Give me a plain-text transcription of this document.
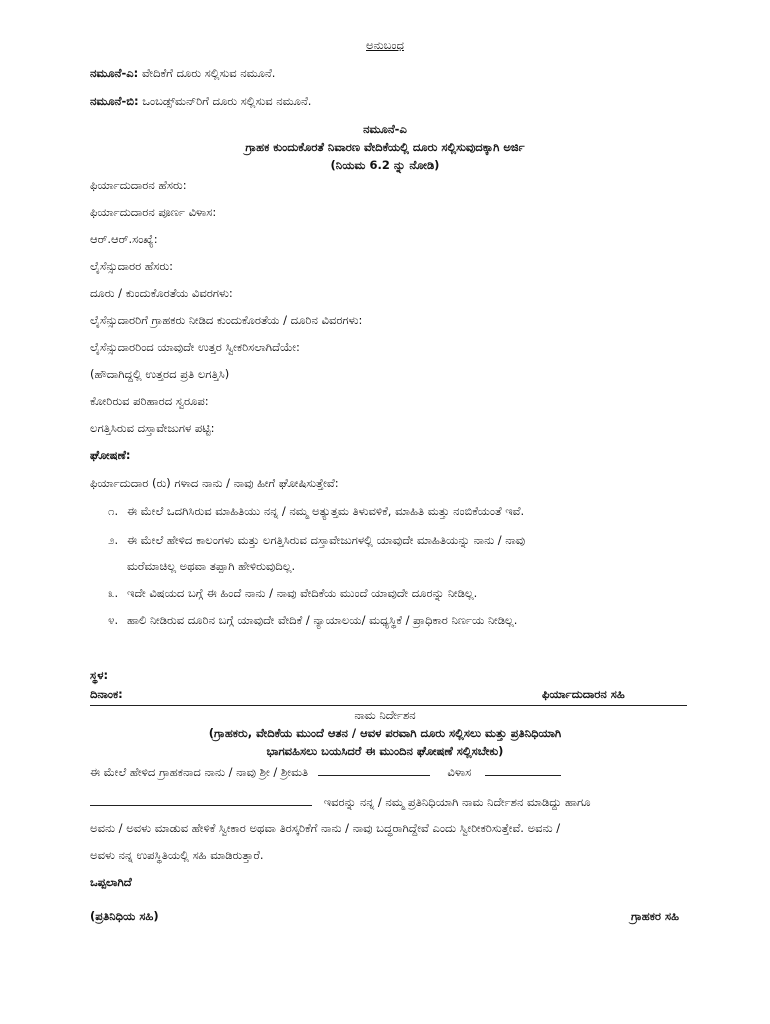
ಅನುಬಂಧ
ನಮೂನೆ-ಎ: ವೇದಿಕೆಗೆ ದೂರು ಸಲ್ಲಿಸುವ ನಮೂನೆ.
ನಮೂನೆ-ಬಿ: ಒಂಬಡ್ಸ್‌ಮನ್‌ರಿಗೆ ದೂರು ಸಲ್ಲಿಸುವ ನಮೂನೆ.
ನಮೂನೆ-ಎ
ಗ್ರಾಹಕ ಕುಂದುಕೊರತೆ ನಿವಾರಣ ವೇದಿಕೆಯಲ್ಲಿ ದೂರು ಸಲ್ಲಿಸುವುದಕ್ಕಾಗಿ ಅರ್ಜಿ
(ನಿಯಮ 6.2 ನ್ನು ನೋಡಿ)
ಫಿರ್ಯಾದುದಾರನ ಹೆಸರು:
ಫಿರ್ಯಾದುದಾರನ ಪೂರ್ಣ ವಿಳಾಸ:
ಆರ್.ಆರ್.ಸಂಖ್ಯೆ:
ಲೈಸೆನ್ಸುದಾರರ ಹೆಸರು:
ದೂರು / ಕುಂದುಕೊರತೆಯ ವಿವರಗಳು:
ಲೈಸೆನ್ಸುದಾರರಿಗೆ ಗ್ರಾಹಕರು ನೀಡಿದ ಕುಂದುಕೊರತೆಯ / ದೂರಿನ ವಿವರಗಳು:
ಲೈಸೆನ್ಸುದಾರರಿಂದ ಯಾವುದೇ ಉತ್ತರ ಸ್ವೀಕರಿಸಲಾಗಿದೆಯೇ:
(ಹೌದಾಗಿದ್ದಲ್ಲಿ ಉತ್ತರದ ಪ್ರತಿ ಲಗತ್ತಿಸಿ)
ಕೋರಿರುವ ಪರಿಹಾರದ ಸ್ವರೂಪ:
ಲಗತ್ತಿಸಿರುವ ದಸ್ತಾವೇಜುಗಳ ಪಟ್ಟಿ:
ಘೋಷಣೆ:
ಫಿರ್ಯಾದುದಾರ (ರು) ಗಳಾದ ನಾನು / ನಾವು ಹೀಗೆ ಘೋಷಿಸುತ್ತೇವೆ:
೧. ಈ ಮೇಲೆ ಒದಗಿಸಿರುವ ಮಾಹಿತಿಯು ನನ್ನ / ನಮ್ಮ ಅತ್ಯುತ್ತಮ ತಿಳುವಳಿಕೆ, ಮಾಹಿತಿ ಮತ್ತು ನಂಬಿಕೆಯಂತೆ ಇವೆ.
೨. ಈ ಮೇಲೆ ಹೇಳಿದ ಕಾಲಂಗಳು ಮತ್ತು ಲಗತ್ತಿಸಿರುವ ದಸ್ತಾವೇಜುಗಳಲ್ಲಿ ಯಾವುದೇ ಮಾಹಿತಿಯನ್ನು ನಾನು / ನಾವು
ಮರೆಮಾಚಿಲ್ಲ ಅಥವಾ ತಪ್ಪಾಗಿ ಹೇಳಿರುವುದಿಲ್ಲ.
೩. ಇದೇ ವಿಷಯದ ಬಗ್ಗೆ ಈ ಹಿಂದೆ ನಾನು / ನಾವು ವೇದಿಕೆಯ ಮುಂದೆ ಯಾವುದೇ ದೂರನ್ನು ನೀಡಿಲ್ಲ.
೪. ಹಾಲಿ ನೀಡಿರುವ ದೂರಿನ ಬಗ್ಗೆ ಯಾವುದೇ ವೇದಿಕೆ / ನ್ಯಾಯಾಲಯ/ ಮಧ್ಯಸ್ಥಿಕೆ / ಪ್ರಾಧಿಕಾರ ನಿರ್ಣಯ ನೀಡಿಲ್ಲ.
ಸ್ಥಳ:
ದಿನಾಂಕ:	ಫಿರ್ಯಾದುದಾರನ ಸಹಿ
ನಾಮ ನಿರ್ದೇಶನ
(ಗ್ರಾಹಕರು, ವೇದಿಕೆಯ ಮುಂದೆ ಆತನ / ಆವಳ ಪರವಾಗಿ ದೂರು ಸಲ್ಲಿಸಲು ಮತ್ತು ಪ್ರತಿನಿಧಿಯಾಗಿ
ಭಾಗವಹಿಸಲು ಬಯಸಿದರೆ ಈ ಮುಂದಿನ ಘೋಷಣೆ ಸಲ್ಲಿಸಬೇಕು)
ಈ ಮೇಲೆ ಹೇಳಿದ ಗ್ರಾಹಕನಾದ ನಾನು / ನಾವು ಶ್ರೀ / ಶ್ರೀಮತಿ	ವಿಳಾಸ
ಇವರನ್ನು ನನ್ನ / ನಮ್ಮ ಪ್ರತಿನಿಧಿಯಾಗಿ ನಾಮ ನಿರ್ದೇಶನ ಮಾಡಿದ್ದು ಹಾಗೂ
ಅವನು / ಅವಳು ಮಾಡುವ ಹೇಳಿಕೆ ಸ್ವೀಕಾರ ಅಥವಾ ತಿರಸ್ಕರಿಕೆಗೆ ನಾನು / ನಾವು ಬದ್ಧರಾಗಿದ್ದೇವೆ ಎಂದು ಸ್ವೀರೀಕರಿಸುತ್ತೇವೆ. ಅವನು /
ಅವಳು ನನ್ನ ಉಪಸ್ಥಿತಿಯಲ್ಲಿ ಸಹಿ ಮಾಡಿರುತ್ತಾರೆ.
ಒಪ್ಪಲಾಗಿದೆ
(ಪ್ರತಿನಿಧಿಯ ಸಹಿ)	ಗ್ರಾಹಕರ ಸಹಿ
